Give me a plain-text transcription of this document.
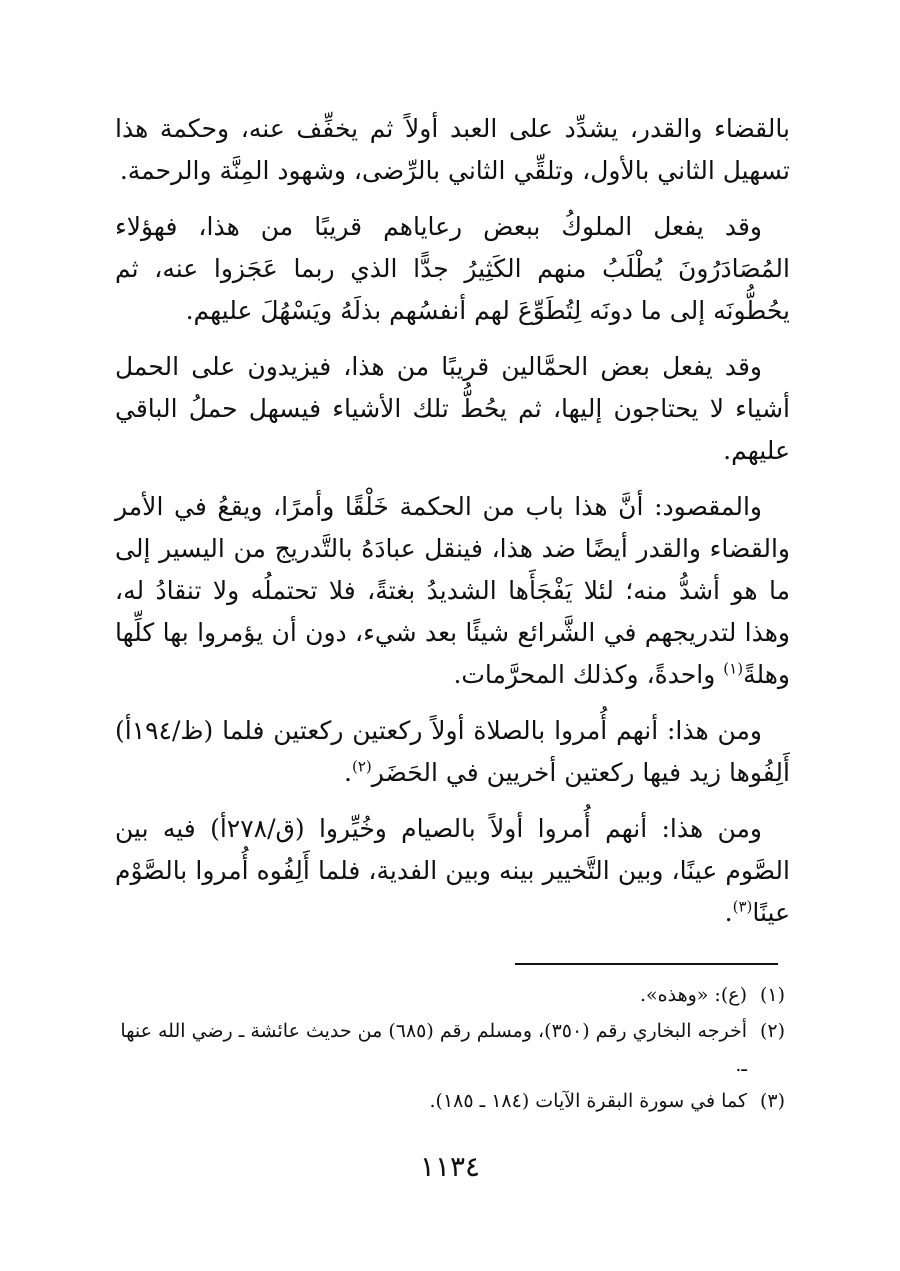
بالقضاء والقدر، يشدِّد على العبد أولاً ثم يخفِّف عنه، وحكمة هذا تسهيل الثاني بالأول، وتلقِّي الثاني بالرِّضى، وشهود المِنَّة والرحمة.

وقد يفعل الملوكُ ببعض رعاياهم قريبًا من هذا، فهؤلاء المُصَادَرُونَ يُطْلَبُ منهم الكَثِيرُ جدًّا الذي ربما عَجَزوا عنه، ثم يحُطُّونَه إلى ما دونَه لِتُطَوِّعَ لهم أنفسُهم بذلَهُ ويَسْهُلَ عليهم.

وقد يفعل بعض الحمَّالين قريبًا من هذا، فيزيدون على الحمل أشياء لا يحتاجون إليها، ثم يحُطُّ تلك الأشياء فيسهل حملُ الباقي عليهم.

والمقصود: أنَّ هذا باب من الحكمة خَلْقًا وأمرًا، ويقعُ في الأمر والقضاء والقدر أيضًا ضد هذا، فينقل عبادَهُ بالتَّدريج من اليسير إلى ما هو أشدُّ منه؛ لئلا يَفْجَأَها الشديدُ بغتةً، فلا تحتملُه ولا تنقادُ له، وهذا لتدريجهم في الشَّرائع شيئًا بعد شيء، دون أن يؤمروا بها كلِّها وهلةً$^{(١)}$ واحدةً، وكذلك المحرَّمات.

ومن هذا: أنهم أُمروا بالصلاة أولاً ركعتين ركعتين فلما (ظ/١٩٤أ) أَلِفُوها زيد فيها ركعتين أخريين في الحَضَر$^{(٢)}$.

ومن هذا: أنهم أُمروا أولاً بالصيام وخُيِّروا (ق/٢٧٨أ) فيه بين الصَّوم عينًا، وبين التَّخيير بينه وبين الفدية، فلما أَلِفُوه أُمروا بالصَّوْم عينًا$^{(٣)}$.

(١)
(ع): «وهذه».
(٢)
أخرجه البخاري رقم (٣٥٠)، ومسلم رقم (٦٨٥) من حديث عائشة ـ رضي الله عنها ـ.
(٣)
كما في سورة البقرة الآيات (١٨٤ ـ ١٨٥).
١١٣٤
